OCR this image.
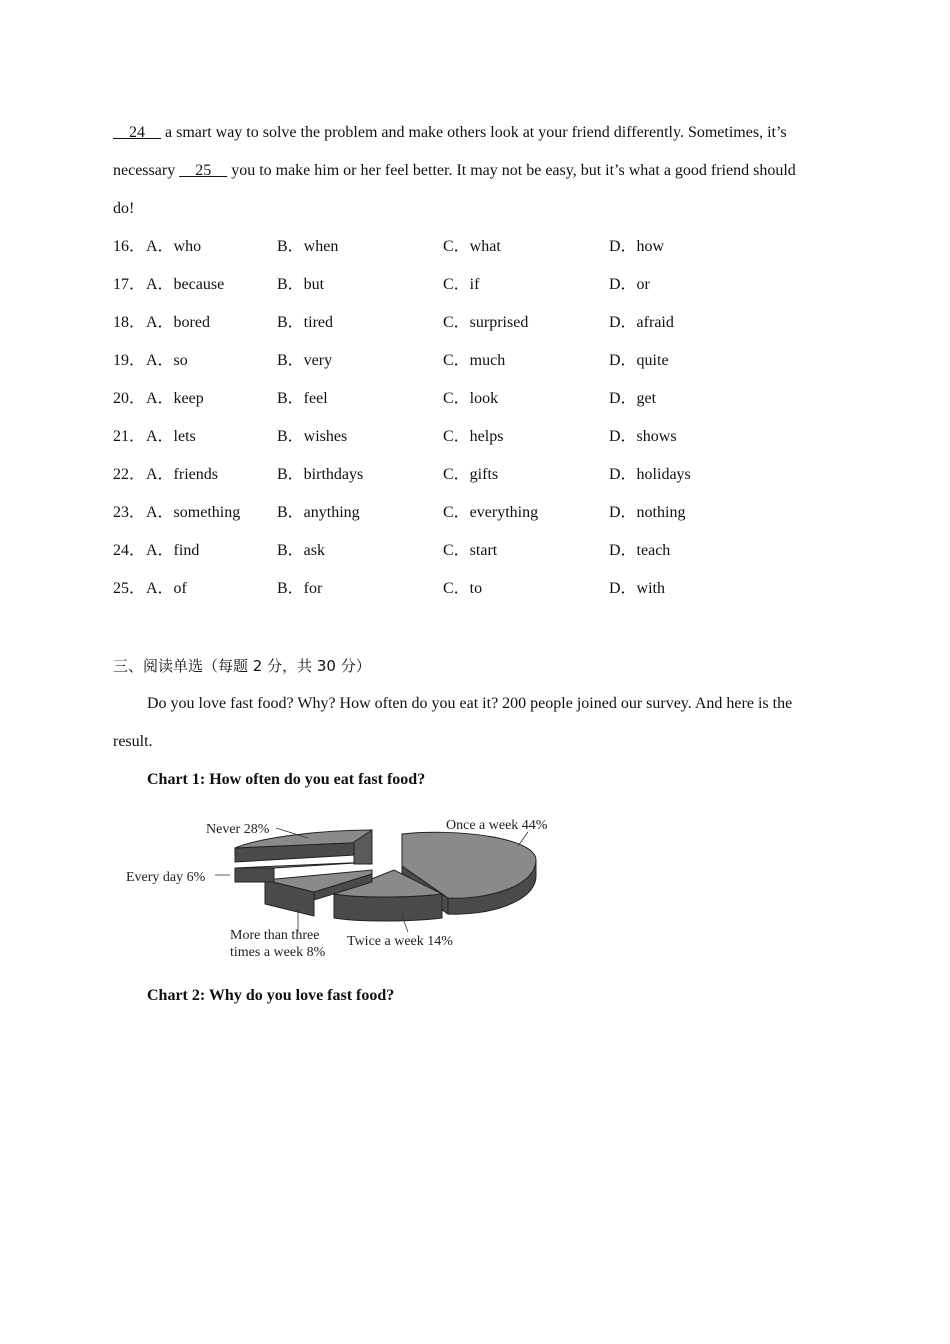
24 a smart way to solve the problem and make others look at your friend differently. Sometimes, it’s
necessary 25 you to make him or her feel better. It may not be easy, but it’s what a good friend should
do!
16． A．who	B．when	C．what	D．how
17． A．because	B．but	C．if	D．or
18． A．bored	B．tired	C．surprised	D．afraid
19． A．so	B．very	C．much	D．quite
20． A．keep	B．feel	C．look	D．get
21． A．lets	B．wishes	C．helps	D．shows
22． A．friends	B．birthdays	C．gifts	D．holidays
23． A．something B．anything	C．everything	D．nothing
24． A．find	B．ask	C．start	D．teach
25． A．of	B．for	C．to	D．with
三、阅读单选（每题 2 分，共 30 分）
Do you love fast food? Why? How often do you eat it? 200 people joined our survey. And here is the
result.
Chart 1: How often do you eat fast food?
Never 28%	Once a week 44%
Every day 6%
More than three
times a week 8%
Twice a week 14%
Chart 2: Why do you love fast food?
